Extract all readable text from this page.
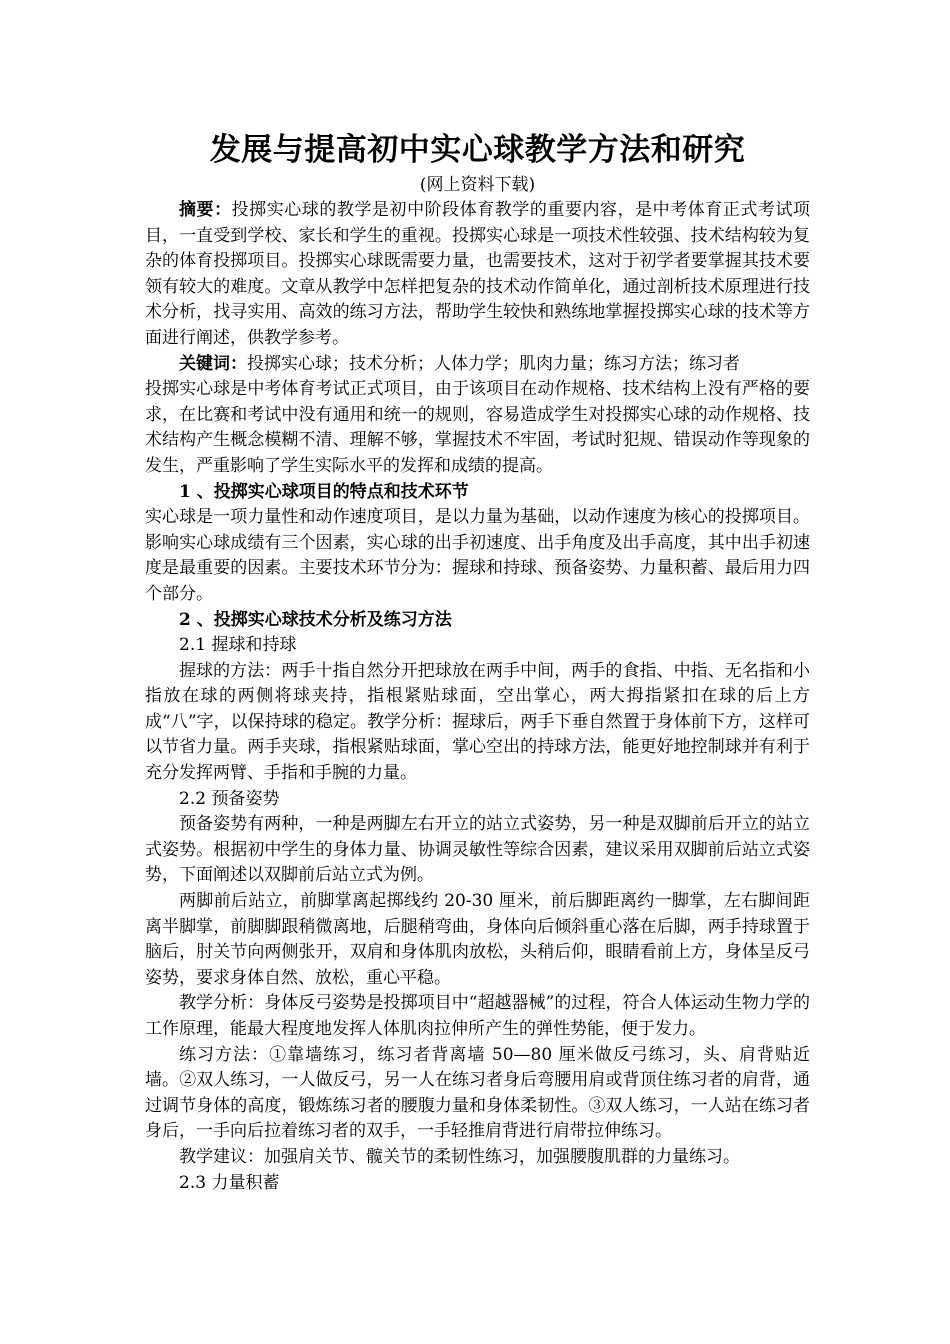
发展与提高初中实心球教学方法和研究

(网上资料下载)

摘要：投掷实心球的教学是初中阶段体育教学的重要内容，是中考体育正式考试项目，一直受到学校、家长和学生的重视。投掷实心球是一项技术性较强、技术结构较为复杂的体育投掷项目。投掷实心球既需要力量，也需要技术，这对于初学者要掌握其技术要领有较大的难度。文章从教学中怎样把复杂的技术动作简单化，通过剖析技术原理进行技术分析，找寻实用、高效的练习方法，帮助学生较快和熟练地掌握投掷实心球的技术等方面进行阐述，供教学参考。

关键词：投掷实心球；技术分析；人体力学；肌肉力量；练习方法；练习者

投掷实心球是中考体育考试正式项目，由于该项目在动作规格、技术结构上没有严格的要求，在比赛和考试中没有通用和统一的规则，容易造成学生对投掷实心球的动作规格、技术结构产生概念模糊不清、理解不够，掌握技术不牢固，考试时犯规、错误动作等现象的发生，严重影响了学生实际水平的发挥和成绩的提高。

1 、投掷实心球项目的特点和技术环节

实心球是一项力量性和动作速度项目，是以力量为基础，以动作速度为核心的投掷项目。影响实心球成绩有三个因素，实心球的出手初速度、出手角度及出手高度，其中出手初速度是最重要的因素。主要技术环节分为：握球和持球、预备姿势、力量积蓄、最后用力四个部分。

2 、投掷实心球技术分析及练习方法

2.1 握球和持球

握球的方法：两手十指自然分开把球放在两手中间，两手的食指、中指、无名指和小指放在球的两侧将球夹持，指根紧贴球面，空出掌心，两大拇指紧扣在球的后上方成“八”字，以保持球的稳定。教学分析：握球后，两手下垂自然置于身体前下方，这样可以节省力量。两手夹球，指根紧贴球面，掌心空出的持球方法，能更好地控制球并有利于充分发挥两臂、手指和手腕的力量。

2.2 预备姿势

预备姿势有两种，一种是两脚左右开立的站立式姿势，另一种是双脚前后开立的站立式姿势。根据初中学生的身体力量、协调灵敏性等综合因素，建议采用双脚前后站立式姿势，下面阐述以双脚前后站立式为例。

两脚前后站立，前脚掌离起掷线约 20-30 厘米，前后脚距离约一脚掌，左右脚间距离半脚掌，前脚脚跟稍微离地，后腿稍弯曲，身体向后倾斜重心落在后脚，两手持球置于脑后，肘关节向两侧张开，双肩和身体肌肉放松，头稍后仰，眼睛看前上方，身体呈反弓姿势，要求身体自然、放松，重心平稳。

教学分析：身体反弓姿势是投掷项目中“超越器械”的过程，符合人体运动生物力学的工作原理，能最大程度地发挥人体肌肉拉伸所产生的弹性势能，便于发力。

练习方法：①靠墙练习，练习者背离墙 50—80 厘米做反弓练习，头、肩背贴近墙。②双人练习，一人做反弓，另一人在练习者身后弯腰用肩或背顶住练习者的肩背，通过调节身体的高度，锻炼练习者的腰腹力量和身体柔韧性。③双人练习，一人站在练习者身后，一手向后拉着练习者的双手，一手轻推肩背进行肩带拉伸练习。

教学建议：加强肩关节、髋关节的柔韧性练习，加强腰腹肌群的力量练习。

2.3 力量积蓄
